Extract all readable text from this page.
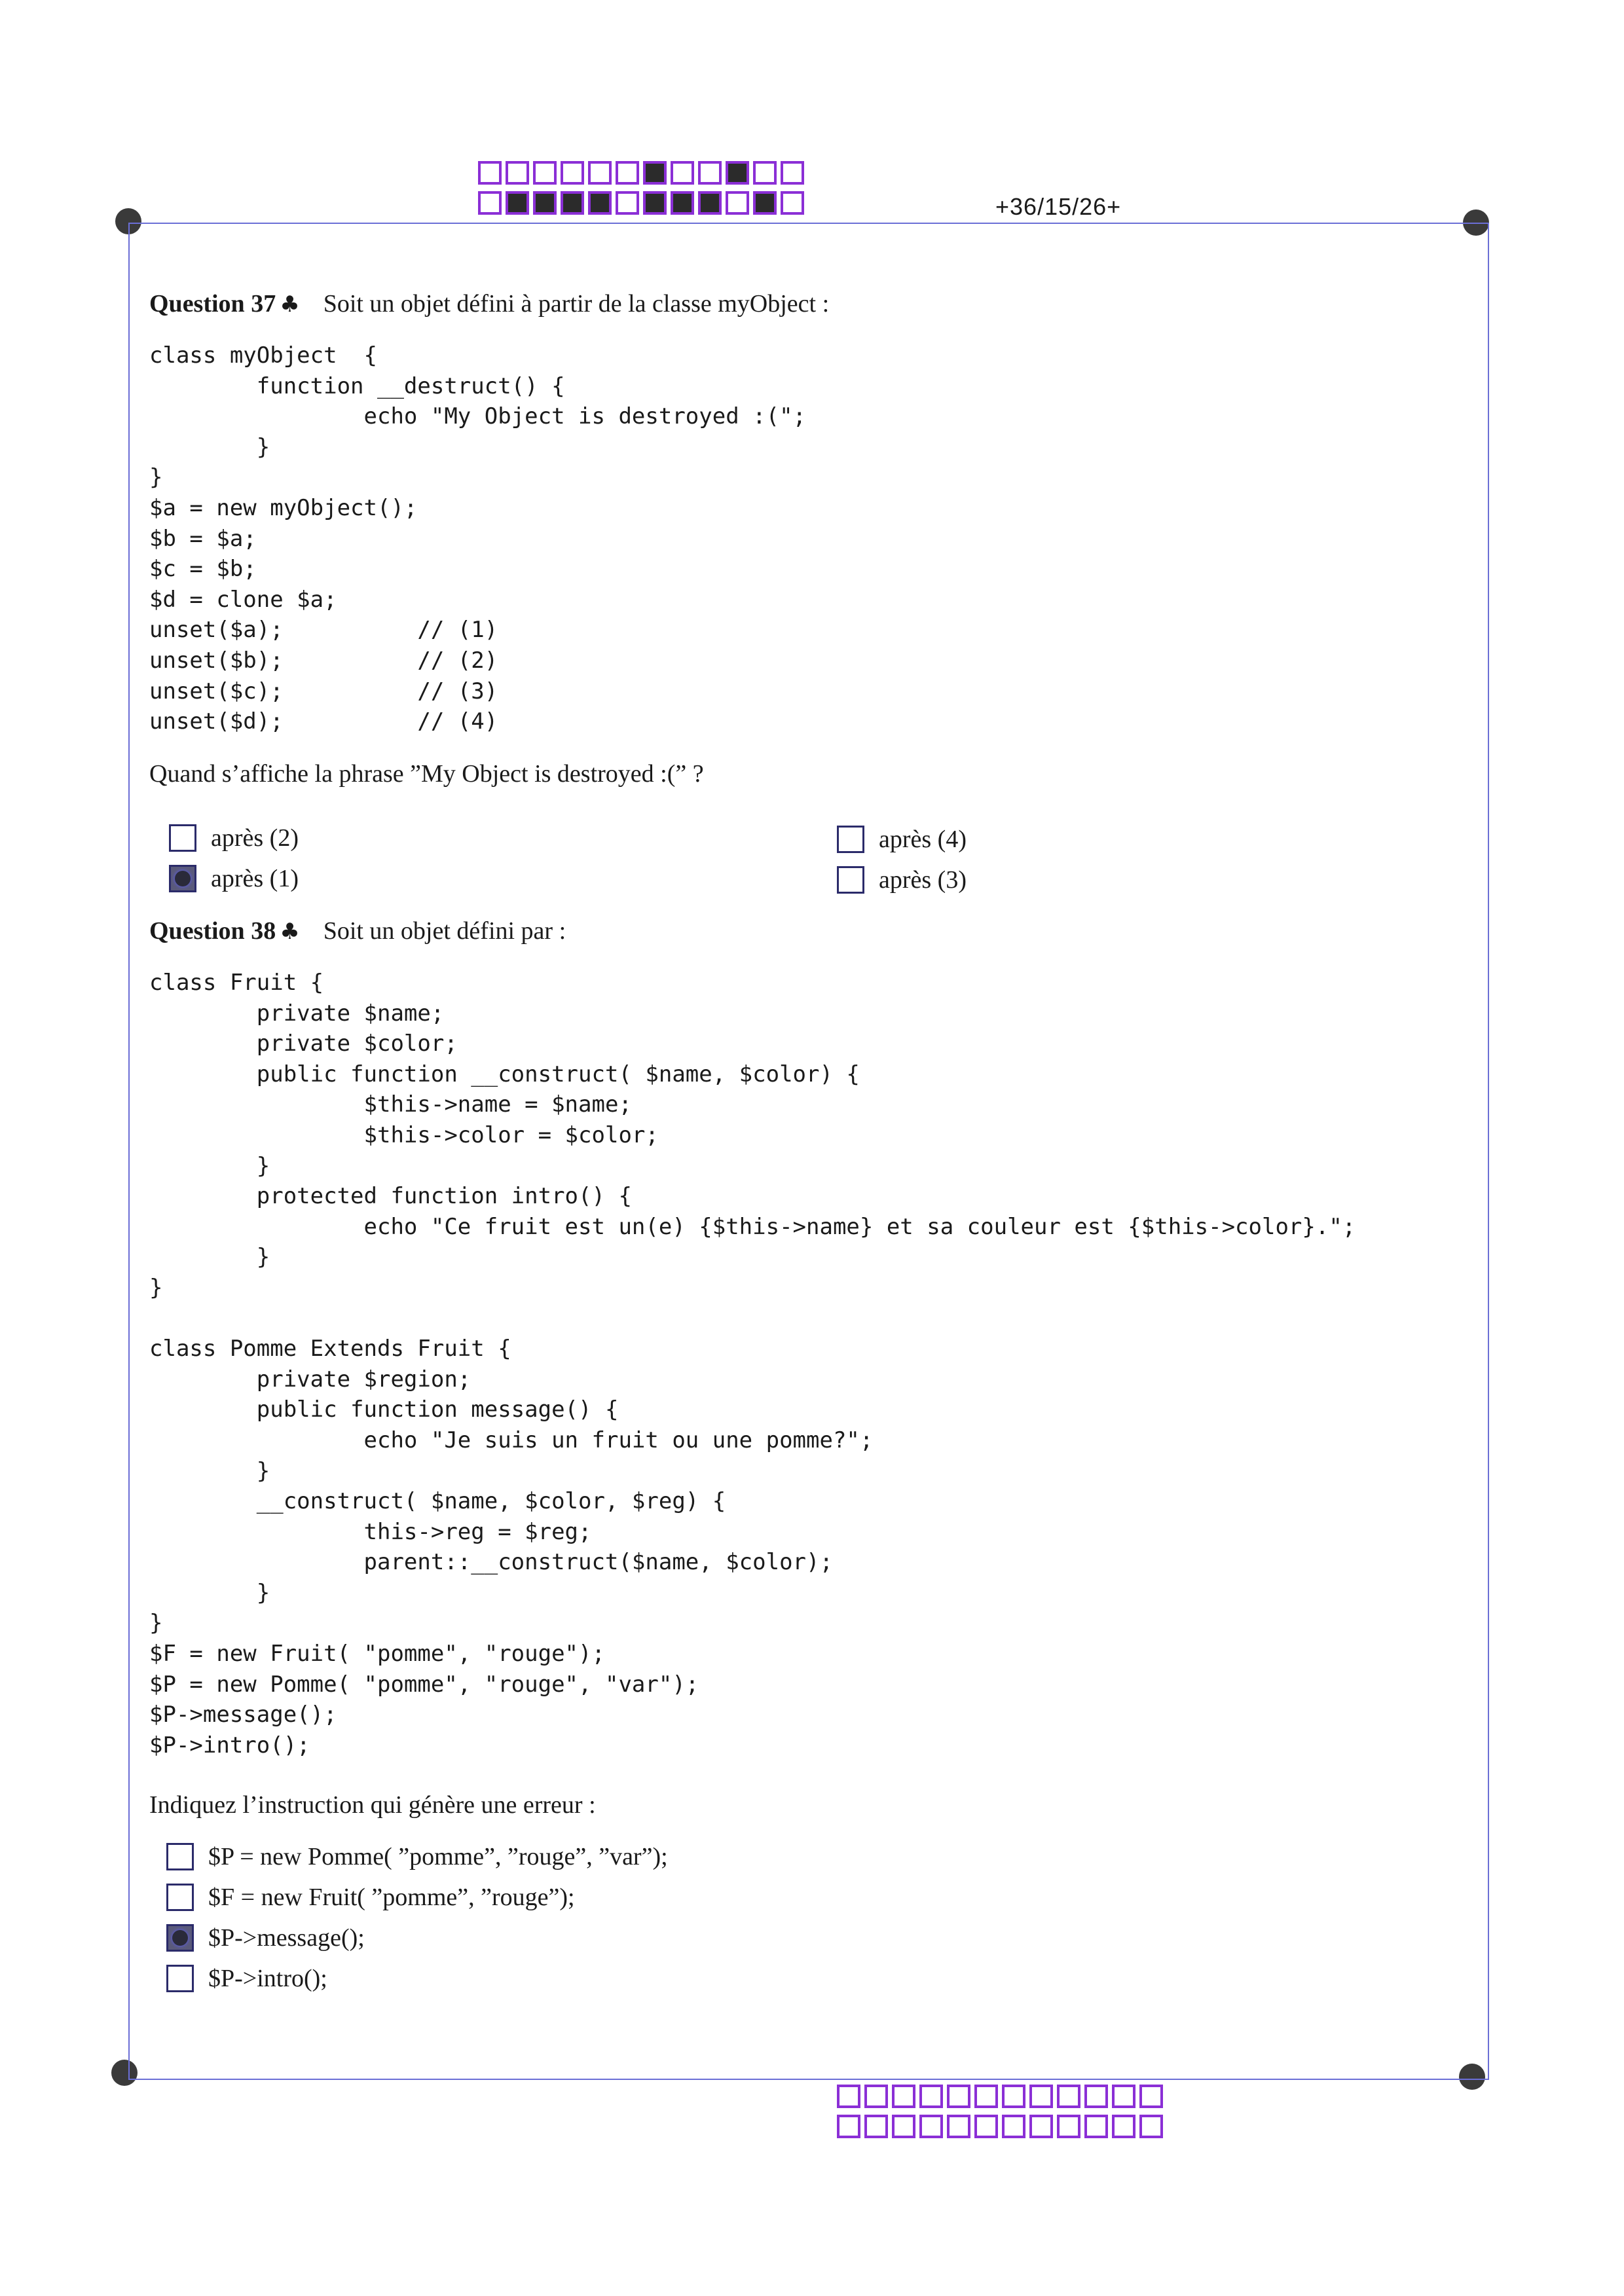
+36/15/26+
Question 37 ♣ Soit un objet défini à partir de la classe myObject :
class myObject  {
function __destruct() {
echo "My Object is destroyed :(";
}
}
$a = new myObject();
$b = $a;
$c = $b;
$d = clone $a;
unset($a);          // (1)
unset($b);          // (2)
unset($c);          // (3)
unset($d);          // (4)
Quand s’affiche la phrase ”My Object is destroyed :(” ?
après (2)
après (1)
après (4)
après (3)
Question 38 ♣ Soit un objet défini par :
class Fruit {
private $name;
private $color;
public function __construct( $name, $color) {
$this->name = $name;
$this->color = $color;
}
protected function intro() {
echo "Ce fruit est un(e) {$this->name} et sa couleur est {$this->color}.";
}
}

class Pomme Extends Fruit {
private $region;
public function message() {
echo "Je suis un fruit ou une pomme?";
}
__construct( $name, $color, $reg) {
this->reg = $reg;
parent::__construct($name, $color);
}
}
$F = new Fruit( "pomme", "rouge");
$P = new Pomme( "pomme", "rouge", "var");
$P->message();
$P->intro();
Indiquez l’instruction qui génère une erreur :
$P = new Pomme( ”pomme”, ”rouge”, ”var”);
$F = new Fruit( ”pomme”, ”rouge”);
$P->message();
$P->intro();
